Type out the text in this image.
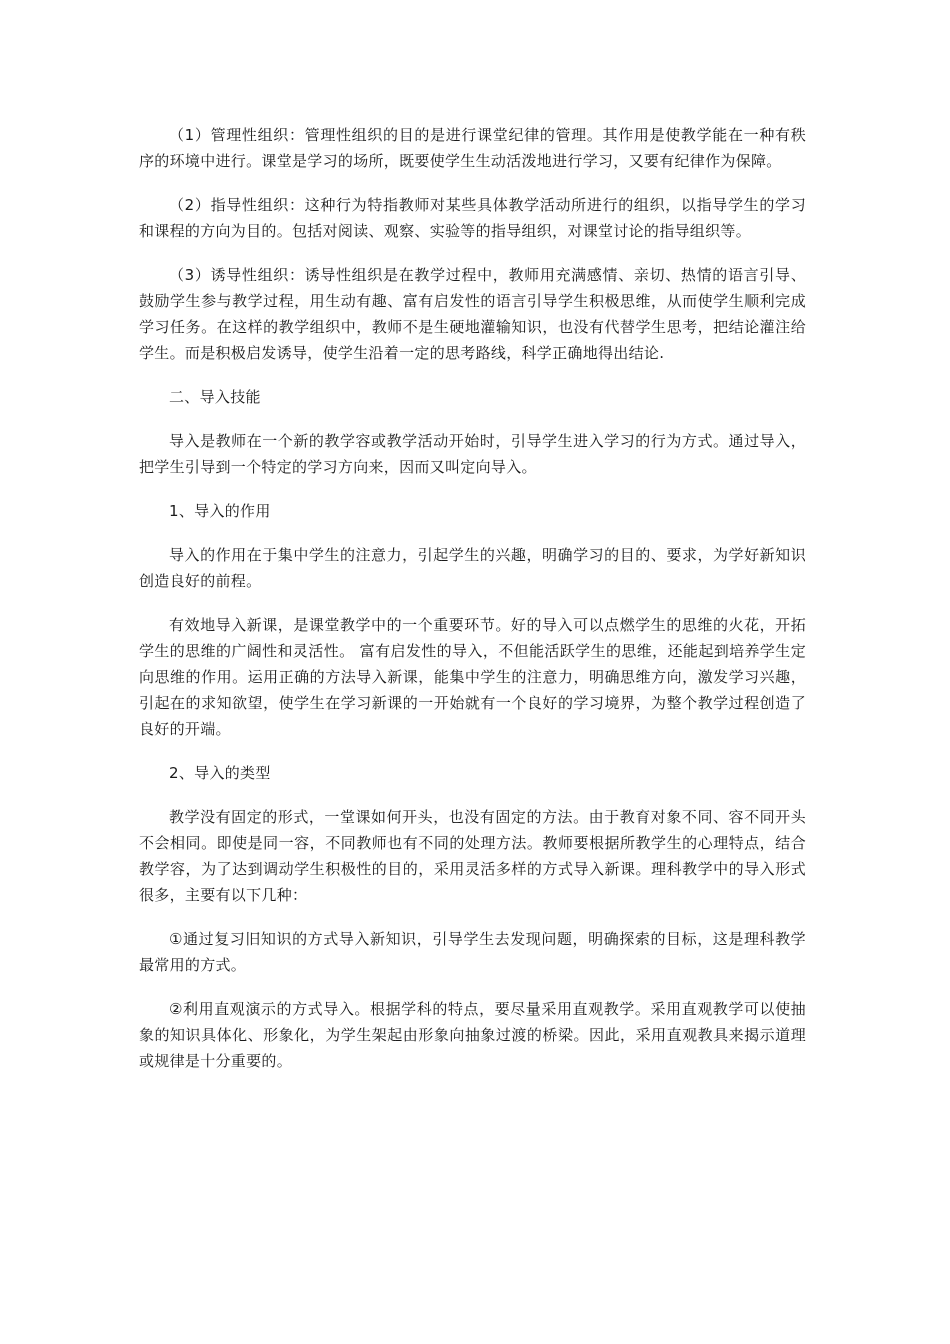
（1）管理性组织：管理性组织的目的是进行课堂纪律的管理。其作用是使教学能在一种有秩序的环境中进行。课堂是学习的场所，既要使学生生动活泼地进行学习，又要有纪律作为保障。

（2）指导性组织：这种行为特指教师对某些具体教学活动所进行的组织，以指导学生的学习和课程的方向为目的。包括对阅读、观察、实验等的指导组织，对课堂讨论的指导组织等。

（3）诱导性组织：诱导性组织是在教学过程中，教师用充满感情、亲切、热情的语言引导、鼓励学生参与教学过程，用生动有趣、富有启发性的语言引导学生积极思维，从而使学生顺利完成学习任务。在这样的教学组织中，教师不是生硬地灌输知识，也没有代替学生思考，把结论灌注给学生。而是积极启发诱导，使学生沿着一定的思考路线，科学正确地得出结论.

二、导入技能

导入是教师在一个新的教学容或教学活动开始时，引导学生进入学习的行为方式。通过导入，把学生引导到一个特定的学习方向来，因而又叫定向导入。

1、导入的作用

导入的作用在于集中学生的注意力，引起学生的兴趣，明确学习的目的、要求，为学好新知识创造良好的前程。

有效地导入新课，是课堂教学中的一个重要环节。好的导入可以点燃学生的思维的火花，开拓学生的思维的广阔性和灵活性。 富有启发性的导入，不但能活跃学生的思维，还能起到培养学生定向思维的作用。运用正确的方法导入新课，能集中学生的注意力，明确思维方向，激发学习兴趣，引起在的求知欲望，使学生在学习新课的一开始就有一个良好的学习境界，为整个教学过程创造了良好的开端。

2、导入的类型

教学没有固定的形式，一堂课如何开头，也没有固定的方法。由于教育对象不同、容不同开头不会相同。即使是同一容，不同教师也有不同的处理方法。教师要根据所教学生的心理特点，结合教学容，为了达到调动学生积极性的目的，采用灵活多样的方式导入新课。理科教学中的导入形式很多，主要有以下几种：

①通过复习旧知识的方式导入新知识，引导学生去发现问题，明确探索的目标，这是理科教学最常用的方式。

②利用直观演示的方式导入。根据学科的特点，要尽量采用直观教学。采用直观教学可以使抽象的知识具体化、形象化，为学生架起由形象向抽象过渡的桥梁。因此，采用直观教具来揭示道理或规律是十分重要的。
